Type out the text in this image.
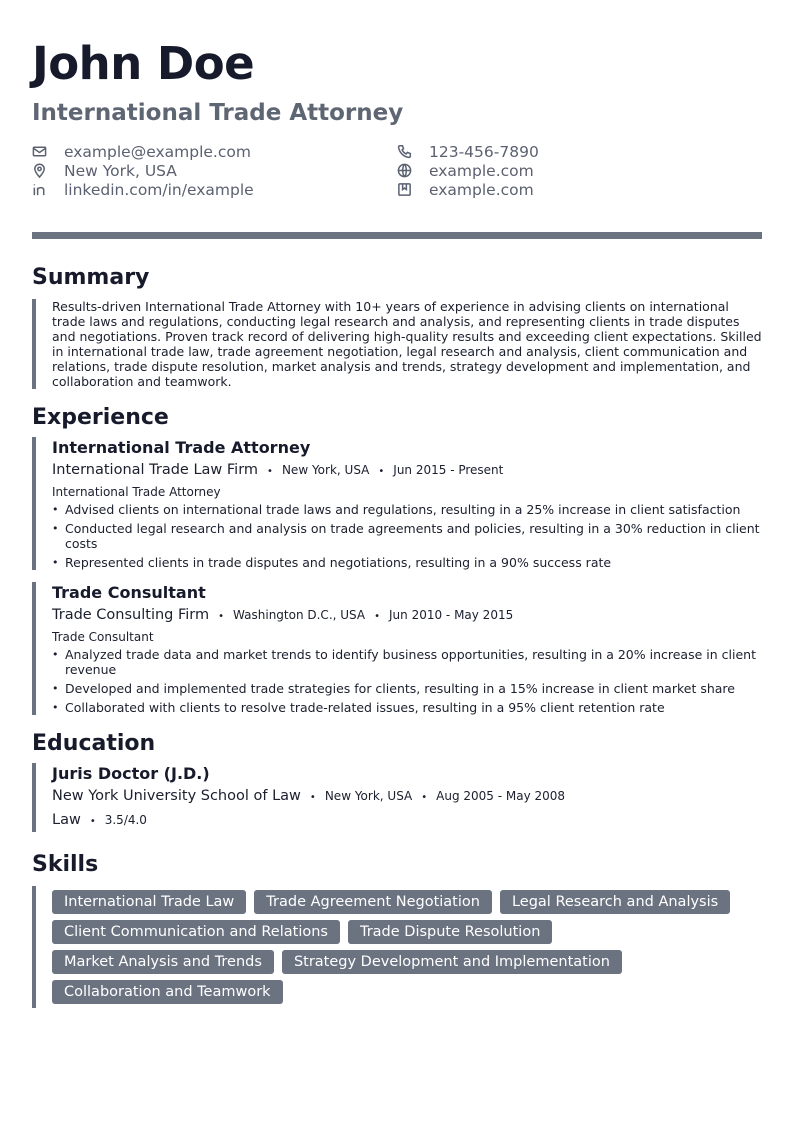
John Doe
International Trade Attorney
example@example.com
New York, USA
linkedin.com/in/example
123-456-7890
example.com
example.com
Summary
Results-driven International Trade Attorney with 10+ years of experience in advising clients on international trade laws and regulations, conducting legal research and analysis, and representing clients in trade disputes and negotiations. Proven track record of delivering high-quality results and exceeding client expectations. Skilled in international trade law, trade agreement negotiation, legal research and analysis, client communication and relations, trade dispute resolution, market analysis and trends, strategy development and implementation, and collaboration and teamwork.
Experience
International Trade Attorney
International Trade Law Firm • New York, USA • Jun 2015 - Present
International Trade Attorney
• Advised clients on international trade laws and regulations, resulting in a 25% increase in client satisfaction
• Conducted legal research and analysis on trade agreements and policies, resulting in a 30% reduction in client costs
• Represented clients in trade disputes and negotiations, resulting in a 90% success rate
Trade Consultant
Trade Consulting Firm • Washington D.C., USA • Jun 2010 - May 2015
Trade Consultant
• Analyzed trade data and market trends to identify business opportunities, resulting in a 20% increase in client revenue
• Developed and implemented trade strategies for clients, resulting in a 15% increase in client market share
• Collaborated with clients to resolve trade-related issues, resulting in a 95% client retention rate
Education
Juris Doctor (J.D.)
New York University School of Law • New York, USA • Aug 2005 - May 2008
Law • 3.5/4.0
Skills
International Trade Law	Trade Agreement Negotiation	Legal Research and Analysis
Client Communication and Relations	Trade Dispute Resolution
Market Analysis and Trends	Strategy Development and Implementation
Collaboration and Teamwork
